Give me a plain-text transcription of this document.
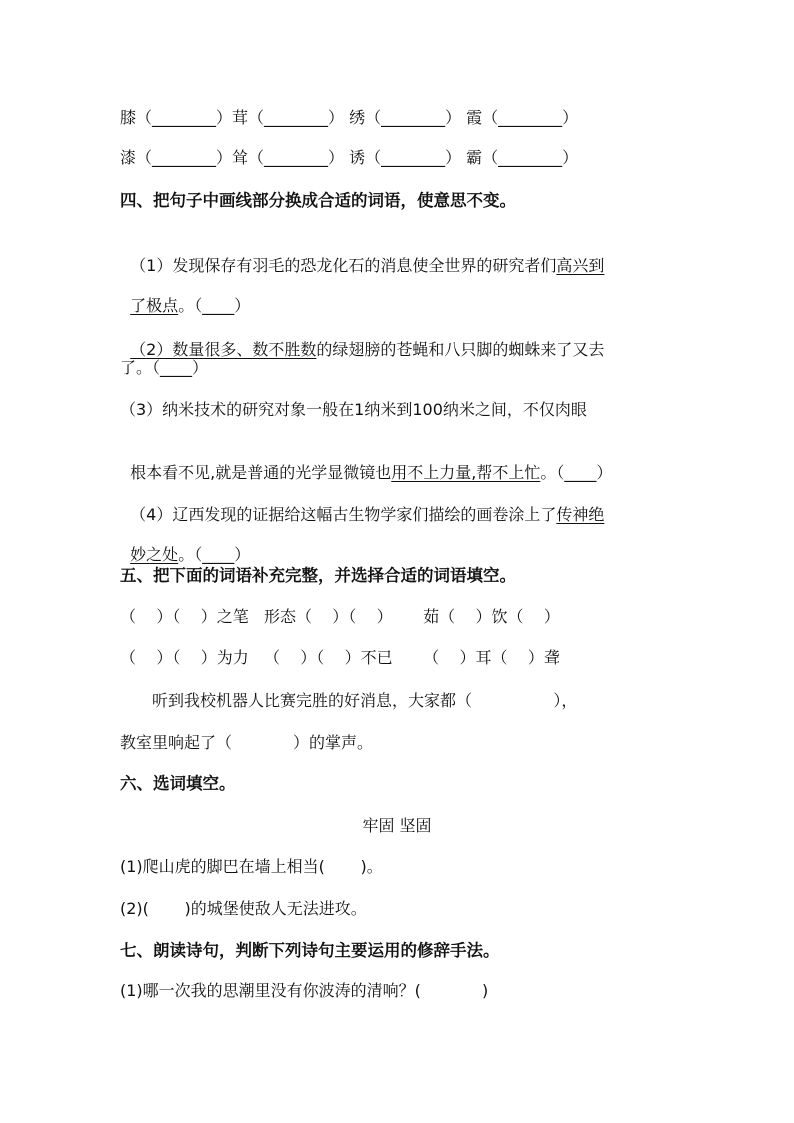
膝（________）茸（________） 绣（________） 霞（________）
漆（________）耸（________） 诱（________） 霸（________）
四、把句子中画线部分换成合适的词语，使意思不变。

（1）发现保存有羽毛的恐龙化石的消息使全世界的研究者们高兴到

了极点。（____）

（2）数量很多、数不胜数的绿翅膀的苍蝇和八只脚的蜘蛛来了又去

了。（____）
（3）纳米技术的研究对象一般在1纳米到100纳米之间，不仅肉眼

根本看不见,就是普通的光学显微镜也用不上力量,帮不上忙。（____）

（4）辽西发现的证据给这幅古生物学家们描绘的画卷涂上了传神绝

妙之处。（____）

五、把下面的词语补充完整，并选择合适的词语填空。
（    ）（    ）之笔   形态（    ）（    ）      茹（    ）饮（    ）
（    ）（    ）为力   （    ）（    ）不已      （    ）耳（    ）聋
听到我校机器人比赛完胜的好消息，大家都（                ），
教室里响起了（            ）的掌声。
六、选词填空。
牢固 坚固
(1)爬山虎的脚巴在墙上相当(       )。
(2)(       )的城堡使敌人无法进攻。
七、朗读诗句，判断下列诗句主要运用的修辞手法。
(1)哪一次我的思潮里没有你波涛的清响？(            )
